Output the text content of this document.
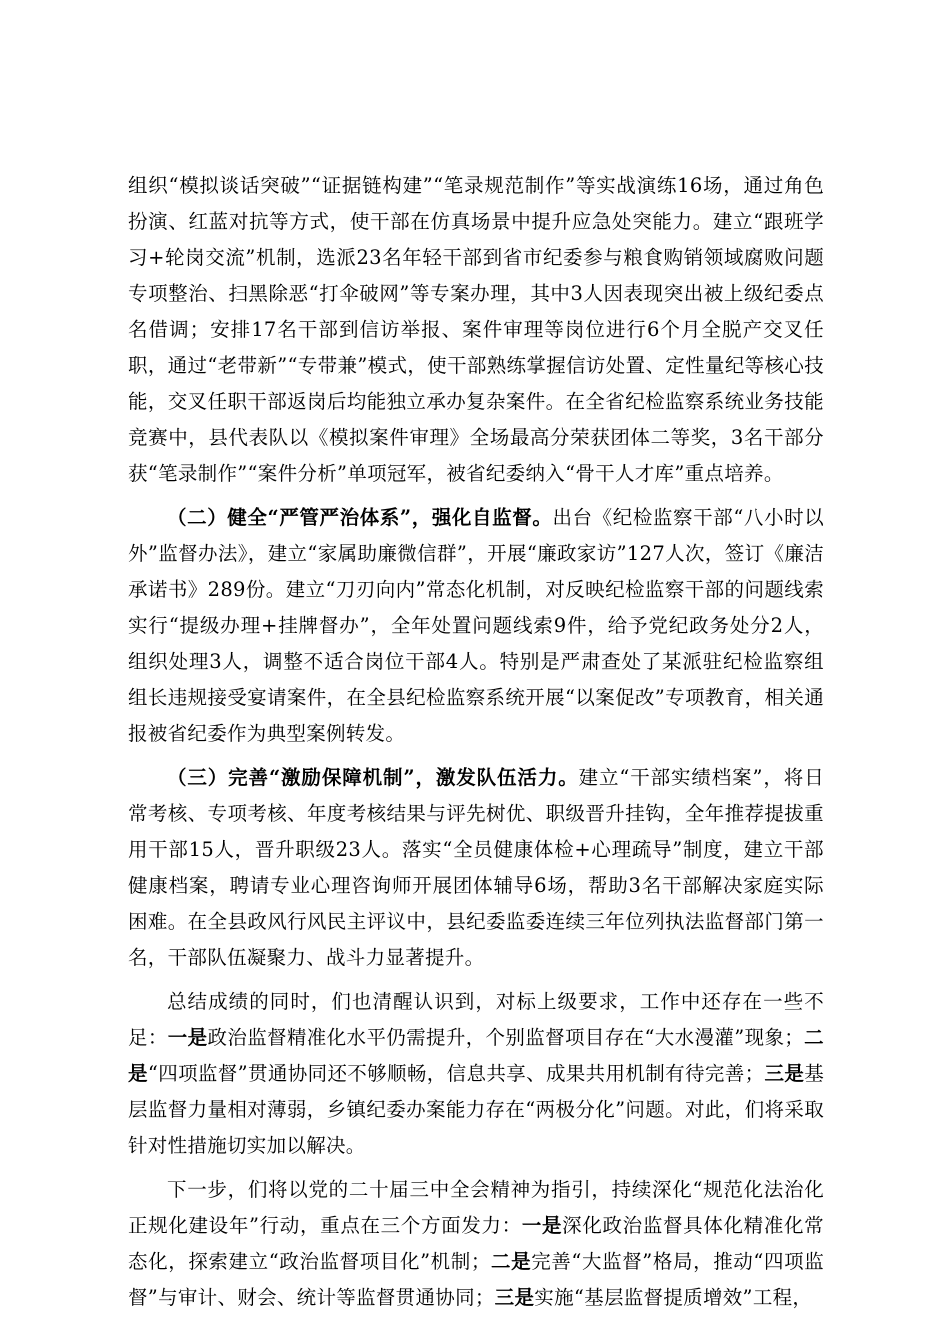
组织“模拟谈话突破”“证据链构建”“笔录规范制作”等实战演练16场，通过角色扮演、红蓝对抗等方式，使干部在仿真场景中提升应急处突能力。建立“跟班学习+轮岗交流”机制，选派23名年轻干部到省市纪委参与粮食购销领域腐败问题专项整治、扫黑除恶“打伞破网”等专案办理，其中3人因表现突出被上级纪委点名借调；安排17名干部到信访举报、案件审理等岗位进行6个月全脱产交叉任职，通过“老带新”“专带兼”模式，使干部熟练掌握信访处置、定性量纪等核心技能，交叉任职干部返岗后均能独立承办复杂案件。在全省纪检监察系统业务技能竞赛中，县代表队以《模拟案件审理》全场最高分荣获团体二等奖，3名干部分获“笔录制作”“案件分析”单项冠军，被省纪委纳入“骨干人才库”重点培养。

（二）健全“严管严治体系”，强化自监督。出台《纪检监察干部“八小时以外”监督办法》，建立“家属助廉微信群”，开展“廉政家访”127人次，签订《廉洁承诺书》289份。建立“刀刃向内”常态化机制，对反映纪检监察干部的问题线索实行“提级办理+挂牌督办”，全年处置问题线索9件，给予党纪政务处分2人，组织处理3人，调整不适合岗位干部4人。特别是严肃查处了某派驻纪检监察组组长违规接受宴请案件，在全县纪检监察系统开展“以案促改”专项教育，相关通报被省纪委作为典型案例转发。

（三）完善“激励保障机制”，激发队伍活力。建立“干部实绩档案”，将日常考核、专项考核、年度考核结果与评先树优、职级晋升挂钩，全年推荐提拔重用干部15人，晋升职级23人。落实“全员健康体检+心理疏导”制度，建立干部健康档案，聘请专业心理咨询师开展团体辅导6场，帮助3名干部解决家庭实际困难。在全县政风行风民主评议中，县纪委监委连续三年位列执法监督部门第一名，干部队伍凝聚力、战斗力显著提升。

总结成绩的同时，们也清醒认识到，对标上级要求，工作中还存在一些不足：一是政治监督精准化水平仍需提升，个别监督项目存在“大水漫灌”现象；二是“四项监督”贯通协同还不够顺畅，信息共享、成果共用机制有待完善；三是基层监督力量相对薄弱，乡镇纪委办案能力存在“两极分化”问题。对此，们将采取针对性措施切实加以解决。

下一步，们将以党的二十届三中全会精神为指引，持续深化“规范化法治化正规化建设年”行动，重点在三个方面发力：一是深化政治监督具体化精准化常态化，探索建立“政治监督项目化”机制；二是完善“大监督”格局，推动“四项监督”与审计、财会、统计等监督贯通协同；三是实施“基层监督提质增效”工程，
